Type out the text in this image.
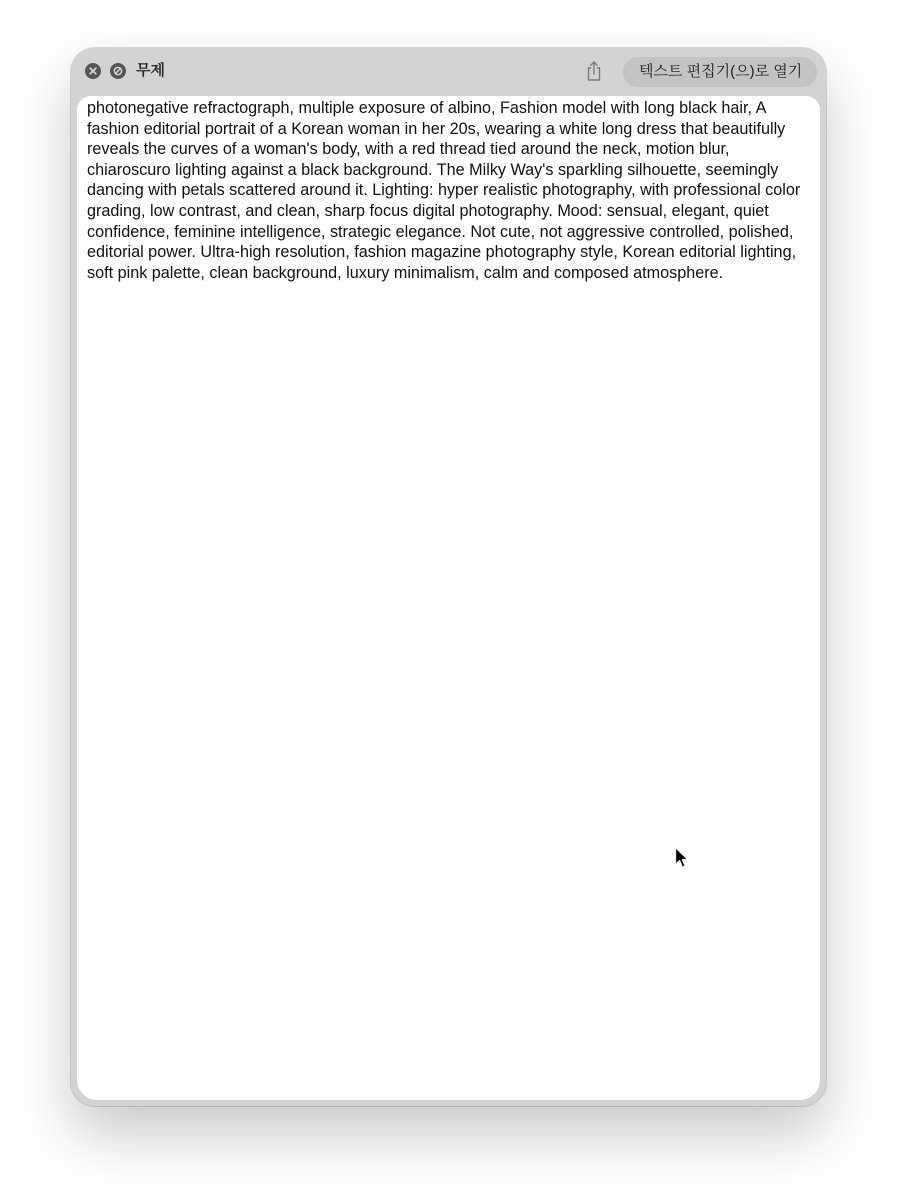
무제	텍스트 편집기(으)로 열기

photonegative refractograph, multiple exposure of albino, Fashion model with long black hair, A fashion editorial portrait of a Korean woman in her 20s, wearing a white long dress that beautifully reveals the curves of a woman's body, with a red thread tied around the neck, motion blur, chiaroscuro lighting against a black background. The Milky Way's sparkling silhouette, seemingly dancing with petals scattered around it. Lighting: hyper realistic photography, with professional color grading, low contrast, and clean, sharp focus digital photography. Mood: sensual, elegant, quiet confidence, feminine intelligence, strategic elegance. Not cute, not aggressive controlled, polished, editorial power. Ultra-high resolution, fashion magazine photography style, Korean editorial lighting, soft pink palette, clean background, luxury minimalism, calm and composed atmosphere.
